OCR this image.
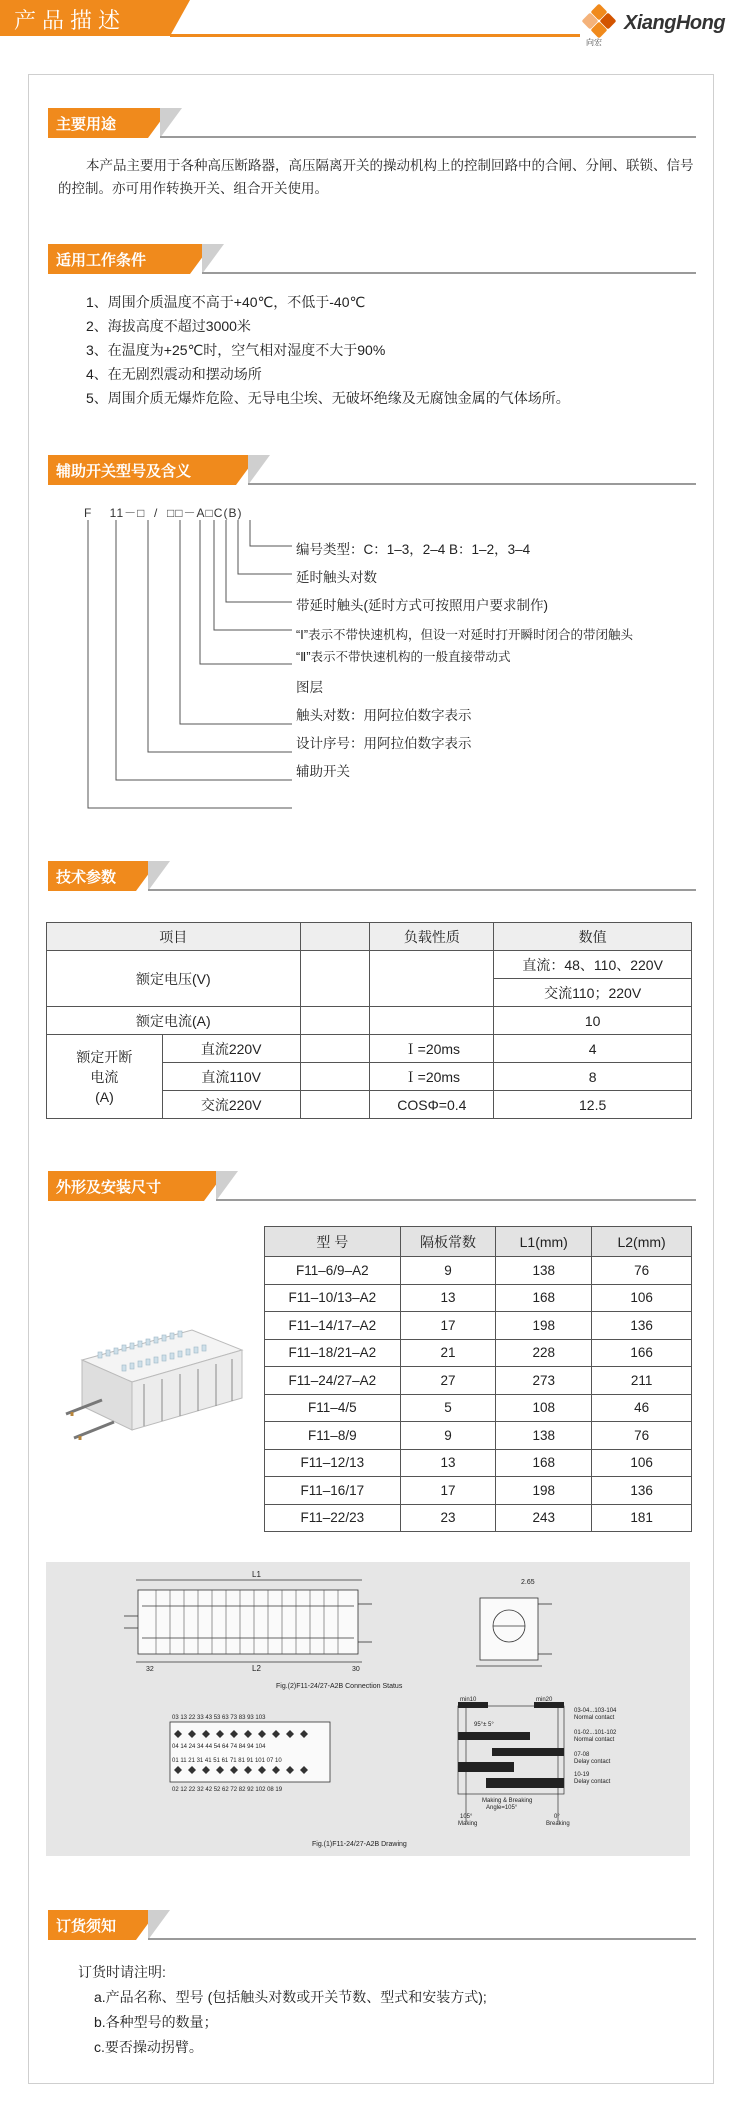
产品描述
向宏
XiangHong
主要用途
本产品主要用于各种高压断路器，高压隔离开关的操动机构上的控制回路中的合闸、分闸、联锁、信号的控制。亦可用作转换开关、组合开关使用。
适用工作条件
1、周围介质温度不高于+40℃，不低于-40℃
2、海拔高度不超过3000米
3、在温度为+25℃时，空气相对湿度不大于90%
4、在无剧烈震动和摆动场所
5、周围介质无爆炸危险、无导电尘埃、无破坏绝缘及无腐蚀金属的气体场所。
辅助开关型号及含义
F    11－□  /  □□－A□C(B)
编号类型：C：1–3，2–4 B：1–2，3–4
延时触头对数
带延时触头(延时方式可按照用户要求制作)
“Ⅰ”表示不带快速机构，但设一对延时打开瞬时闭合的带闭触头
“Ⅱ”表示不带快速机构的一般直接带动式
图层
触头对数：用阿拉伯数字表示
设计序号：用阿拉伯数字表示
辅助开关
技术参数
项目			负载性质	数值
额定电压(V)				直流：48、110、220V
				交流110；220V
额定电流(A)				10

额定开断
电流
(A)	直流220V		Ｉ=20ms	4
	直流110V		Ｉ=20ms	8
	交流220V		COSΦ=0.4	12.5
外形及安装尺寸
型 号	隔板常数	L1(mm)	L2(mm)
F11–6/9–A2	9	138	76
F11–10/13–A2	13	168	106
F11–14/17–A2	17	198	136
F11–18/21–A2	21	228	166
F11–24/27–A2	27	273	211
F11–4/5	5	108	46
F11–8/9	9	138	76
F11–12/13	13	168	106
F11–16/17	17	198	136
F11–22/23	23	243	181
L1
L2
32	30
2.65
Fig.(2)F11-24/27-A2B Connection Status
03 13 22 33 43 53 63 73 83 93 103
04 14 24 34 44 54 64 74 84 94 104
01 11 21 31 41 51 61 71 81 91 101 07 10
02 12 22 32 42 52 62 72 82 92 102 08 19
min10	min20
95°± 5°
03-04...103-104
Normal contact
01-02...101-102
Normal contact
07-08
Delay contact
10-19
Delay contact
Making & Breaking
Angle=105°
105°
Making
0°
Breaking
Fig.(1)F11-24/27-A2B Drawing
订货须知
订货时请注明:
a.产品名称、型号 (包括触头对数或开关节数、型式和安装方式);
b.各种型号的数量；
c.要否操动拐臂。
